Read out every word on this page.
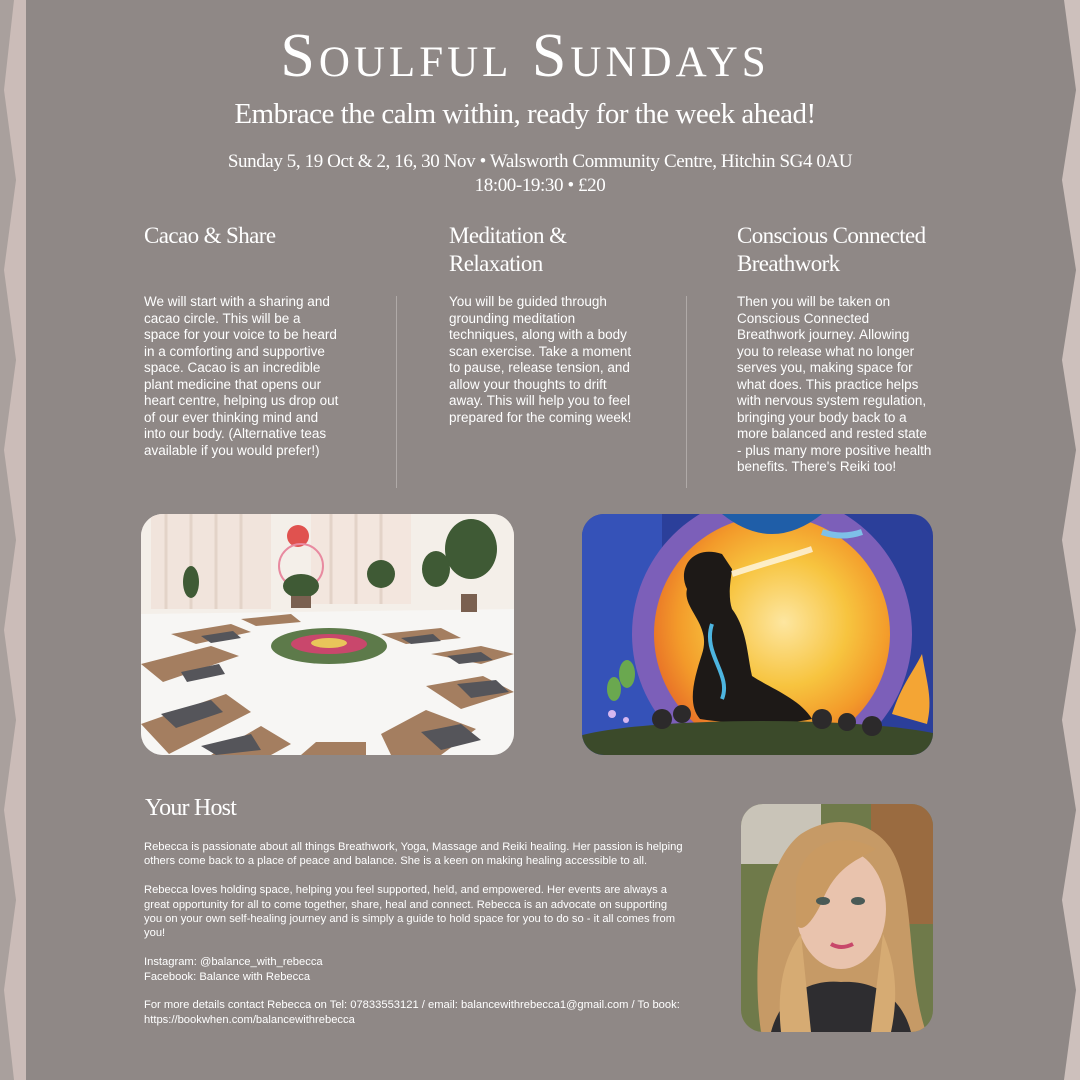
Soulful Sundays
Embrace the calm within, ready for the week ahead!
Sunday 5, 19 Oct & 2, 16, 30 Nov • Walsworth Community Centre, Hitchin SG4 0AU
18:00-19:30 • £20
Cacao & Share

We will start with a sharing and cacao circle. This will be a space for your voice to be heard in a comforting and supportive space. Cacao is an incredible plant medicine that opens our heart centre, helping us drop out of our ever thinking mind and into our body. (Alternative teas available if you would prefer!)

Meditation & Relaxation

You will be guided through grounding meditation techniques, along with a body scan exercise. Take a moment to pause, release tension, and allow your thoughts to drift away. This will help you to feel prepared for the coming week!

Conscious Connected Breathwork

Then you will be taken on Conscious Connected Breathwork journey. Allowing you to release what no longer serves you, making space for what does. This practice helps with nervous system regulation, bringing your body back to a more balanced and rested state - plus many more positive health benefits. There's Reiki too!

Your Host

Rebecca is passionate about all things Breathwork, Yoga, Massage and Reiki healing. Her passion is helping others come back to a place of peace and balance. She is a keen on making healing accessible to all.

Rebecca loves holding space, helping you feel supported, held, and empowered. Her events are always a great opportunity for all to come together, share, heal and connect. Rebecca is an advocate on supporting you on your own self-healing journey and is simply a guide to hold space for you to do so - it all comes from you!

Instagram: @balance_with_rebecca

Facebook: Balance with Rebecca

For more details contact Rebecca on Tel: 07833553121 / email: balancewithrebecca1@gmail.com / To book: https://bookwhen.com/balancewithrebecca
